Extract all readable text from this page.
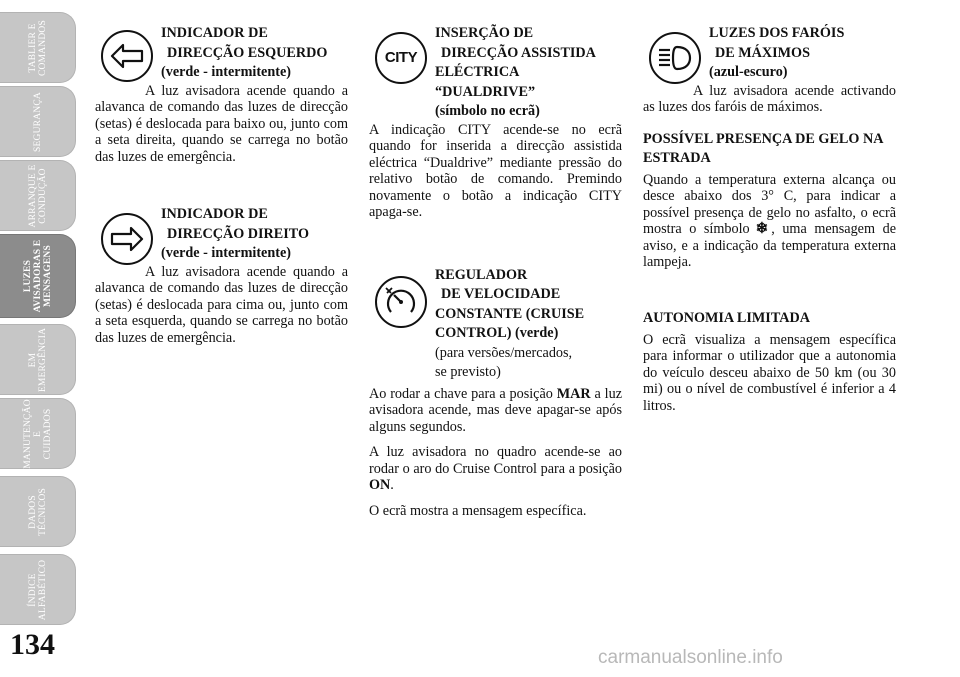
TABLIER E
COMANDOS
SEGURANÇA
ARRANQUE E
CONDUÇÃO
LUZES
AVISADORAS E
MENSAGENS
EM
EMERGÊNCIA
MANUTENÇÃO E
CUIDADOS
DADOS
TÉCNICOS
ÍNDICE
ALFABÉTICO
134
INDICADOR DE
DIRECÇÃO ESQUERDO
(verde - intermitente)

A luz avisadora acende quando a alavanca de comando das luzes de direcção (setas) é deslocada para baixo ou, junto com a seta direita, quando se carrega no botão das luzes de emergência.

INDICADOR DE
DIRECÇÃO DIREITO
(verde - intermitente)

A luz avisadora acende quando a alavanca de comando das luzes de direcção (setas) é deslocada para cima ou, junto com a seta esquerda, quando se carrega no botão das luzes de emergência.

CITY
INSERÇÃO DE
DIRECÇÃO ASSISTIDA
ELÉCTRICA
“DUALDRIVE”
(símbolo no ecrã)

A indicação CITY acende-se no ecrã quando for inserida a direcção assistida eléctrica “Dualdrive” mediante pressão do relativo botão de comando. Premindo novamente o botão a indicação CITY apaga-se.

REGULADOR
DE VELOCIDADE
CONSTANTE (CRUISE
CONTROL) (verde)
(para versões/mercados,
se previsto)

Ao rodar a chave para a posição MAR a luz avisadora acende, mas deve apagar-se após alguns segundos.

A luz avisadora no quadro acende-se ao rodar o aro do Cruise Control para a posição ON.

O ecrã mostra a mensagem específica.

LUZES DOS FARÓIS
DE MÁXIMOS
(azul-escuro)

A luz avisadora acende activando as luzes dos faróis de máximos.

POSSÍVEL PRESENÇA DE GELO NA ESTRADA

Quando a temperatura externa alcança ou desce abaixo dos 3° C, para indicar a possível presença de gelo no asfalto, o ecrã mostra o símbolo ❄ , uma mensagem de aviso, e a indicação da temperatura externa lampeja.

AUTONOMIA LIMITADA

O ecrã visualiza a mensagem específica para informar o utilizador que a autonomia do veículo desceu abaixo de 50 km (ou 30 mi) ou o nível de combustível é inferior a 4 litros.

carmanualsonline.info
